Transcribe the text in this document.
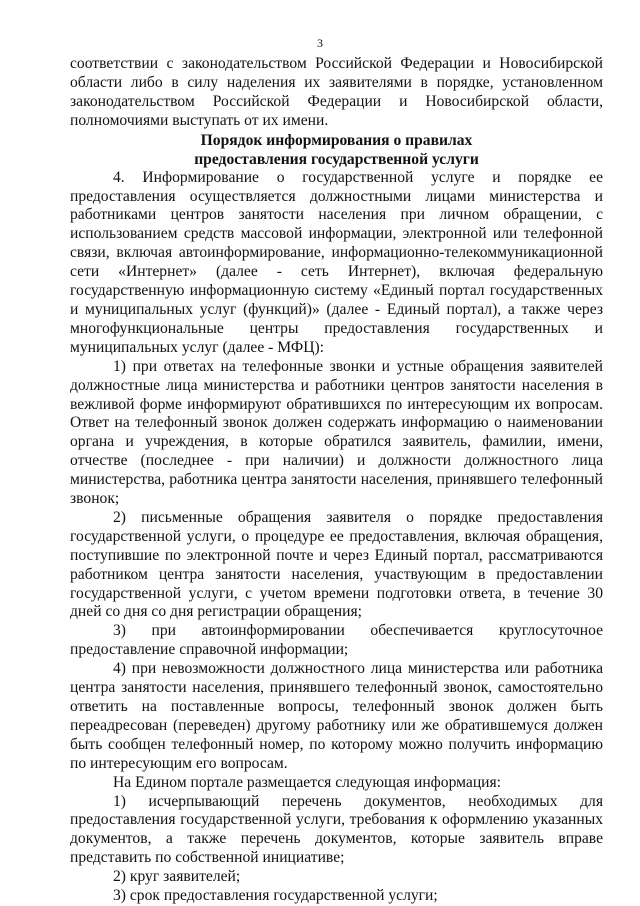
3

соответствии с законодательством Российской Федерации и Новосибирской области либо в силу наделения их заявителями в порядке, установленном законодательством Российской Федерации и Новосибирской области, полномочиями выступать от их имени.

Порядок информирования о правилах
предоставления государственной услуги

4. Информирование о государственной услуге и порядке ее предоставления осуществляется должностными лицами министерства и работниками центров занятости населения при личном обращении, с использованием средств массовой информации, электронной или телефонной связи, включая автоинформирование, информационно-телекоммуникационной сети «Интернет» (далее - сеть Интернет), включая федеральную государственную информационную систему «Единый портал государственных и муниципальных услуг (функций)» (далее - Единый портал), а также через многофункциональные центры предоставления государственных и муниципальных услуг (далее - МФЦ):

1) при ответах на телефонные звонки и устные обращения заявителей должностные лица министерства и работники центров занятости населения в вежливой форме информируют обратившихся по интересующим их вопросам. Ответ на телефонный звонок должен содержать информацию о наименовании органа и учреждения, в которые обратился заявитель, фамилии, имени, отчестве (последнее - при наличии) и должности должностного лица министерства, работника центра занятости населения, принявшего телефонный звонок;

2) письменные обращения заявителя о порядке предоставления государственной услуги, о процедуре ее предоставления, включая обращения, поступившие по электронной почте и через Единый портал, рассматриваются работником центра занятости населения, участвующим в предоставлении государственной услуги, с учетом времени подготовки ответа, в течение 30 дней со дня со дня регистрации обращения;

3) при автоинформировании обеспечивается круглосуточное предоставление справочной информации;

4) при невозможности должностного лица министерства или работника центра занятости населения, принявшего телефонный звонок, самостоятельно ответить на поставленные вопросы, телефонный звонок должен быть переадресован (переведен) другому работнику или же обратившемуся должен быть сообщен телефонный номер, по которому можно получить информацию по интересующим его вопросам.

На Едином портале размещается следующая информация:

1) исчерпывающий перечень документов, необходимых для предоставления государственной услуги, требования к оформлению указанных документов, а также перечень документов, которые заявитель вправе представить по собственной инициативе;

2) круг заявителей;

3) срок предоставления государственной услуги;
